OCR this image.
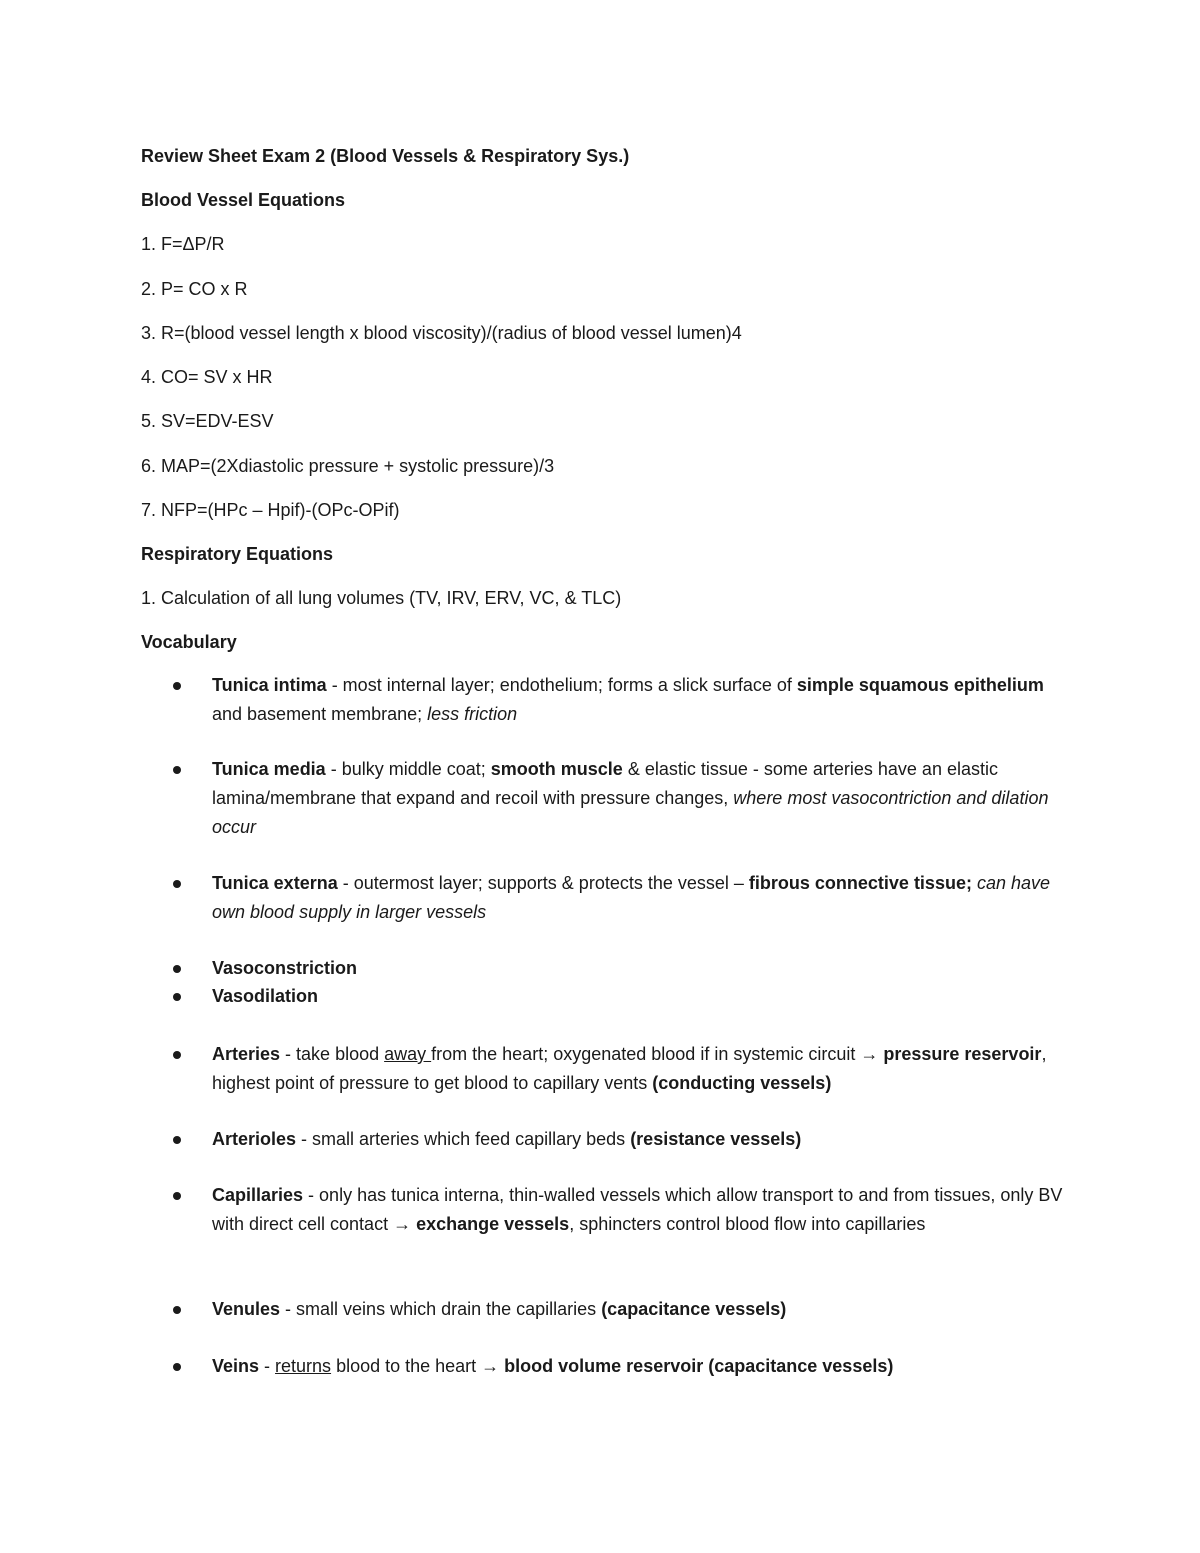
Review Sheet Exam 2 (Blood Vessels & Respiratory Sys.)
Blood Vessel Equations
1. F=ΔP/R
2. P= CO x R
3. R=(blood vessel length x blood viscosity)/(radius of blood vessel lumen)4
4. CO= SV x HR
5. SV=EDV-ESV
6. MAP=(2Xdiastolic pressure + systolic pressure)/3
7. NFP=(HPc – Hpif)-(OPc-OPif)
Respiratory Equations
1. Calculation of all lung volumes (TV, IRV, ERV, VC, & TLC)
Vocabulary
Tunica intima - most internal layer; endothelium; forms a slick surface of simple squamous epithelium and basement membrane; less friction
Tunica media - bulky middle coat; smooth muscle & elastic tissue - some arteries have an elastic lamina/membrane that expand and recoil with pressure changes, where most vasocontriction and dilation occur
Tunica externa - outermost layer; supports & protects the vessel – fibrous connective tissue; can have own blood supply in larger vessels
Vasoconstriction
Vasodilation
Arteries - take blood away from the heart; oxygenated blood if in systemic circuit → pressure reservoir, highest point of pressure to get blood to capillary vents (conducting vessels)
Arterioles - small arteries which feed capillary beds (resistance vessels)
Capillaries - only has tunica interna, thin-walled vessels which allow transport to and from tissues, only BV with direct cell contact → exchange vessels, sphincters control blood flow into capillaries
Venules - small veins which drain the capillaries (capacitance vessels)
Veins - returns blood to the heart → blood volume reservoir (capacitance vessels)
